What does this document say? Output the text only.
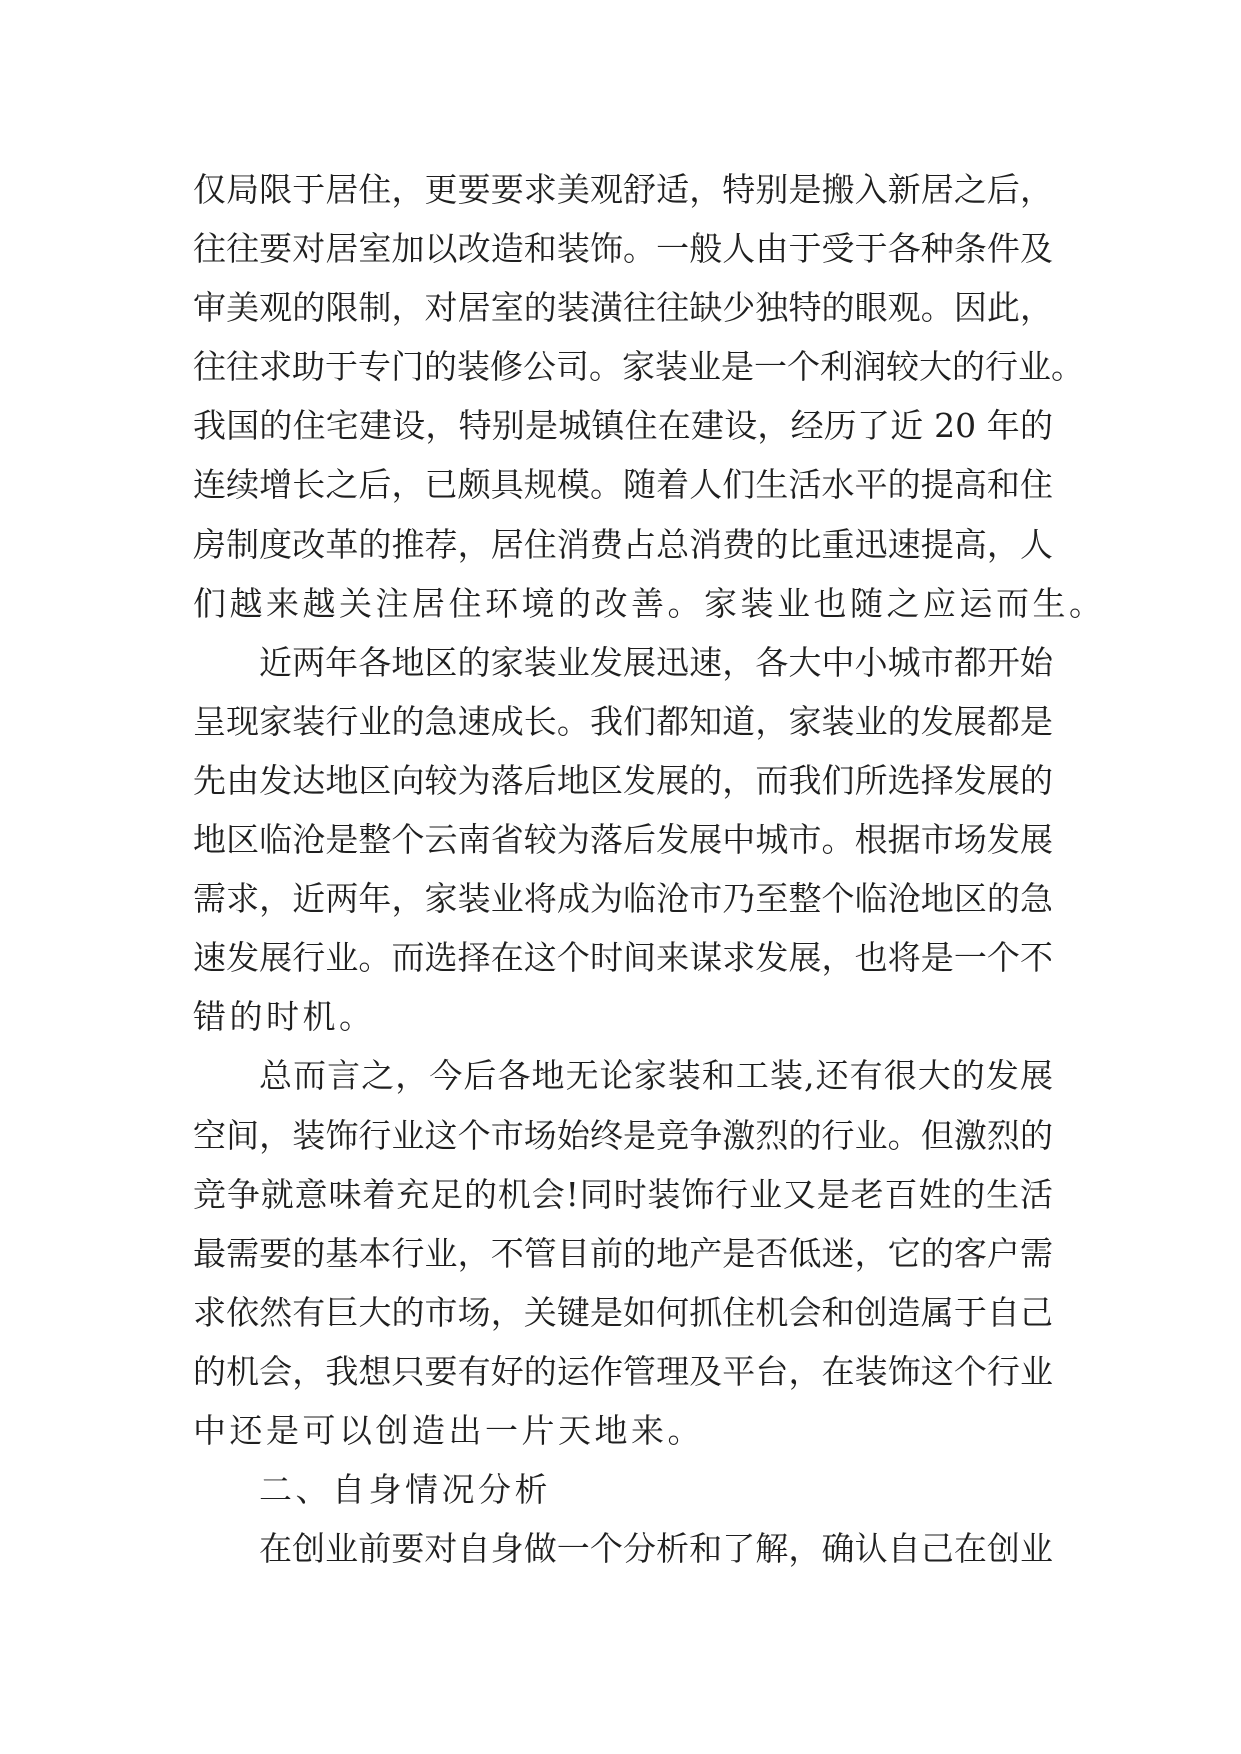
仅局限于居住，更要要求美观舒适，特别是搬入新居之后，
往往要对居室加以改造和装饰。一般人由于受于各种条件及
审美观的限制，对居室的装潢往往缺少独特的眼观。因此，
往往求助于专门的装修公司。家装业是一个利润较大的行业。
我国的住宅建设，特别是城镇住在建设，经历了近 20 年的
连续增长之后，已颇具规模。随着人们生活水平的提高和住
房制度改革的推荐，居住消费占总消费的比重迅速提高，人
们越来越关注居住环境的改善。家装业也随之应运而生。
近两年各地区的家装业发展迅速，各大中小城市都开始
呈现家装行业的急速成长。我们都知道，家装业的发展都是
先由发达地区向较为落后地区发展的，而我们所选择发展的
地区临沧是整个云南省较为落后发展中城市。根据市场发展
需求，近两年，家装业将成为临沧市乃至整个临沧地区的急
速发展行业。而选择在这个时间来谋求发展，也将是一个不
错的时机。
总而言之，今后各地无论家装和工装,还有很大的发展
空间，装饰行业这个市场始终是竞争激烈的行业。但激烈的
竞争就意味着充足的机会!同时装饰行业又是老百姓的生活
最需要的基本行业，不管目前的地产是否低迷，它的客户需
求依然有巨大的市场，关键是如何抓住机会和创造属于自己
的机会，我想只要有好的运作管理及平台，在装饰这个行业
中还是可以创造出一片天地来。
二、自身情况分析
在创业前要对自身做一个分析和了解，确认自己在创业
